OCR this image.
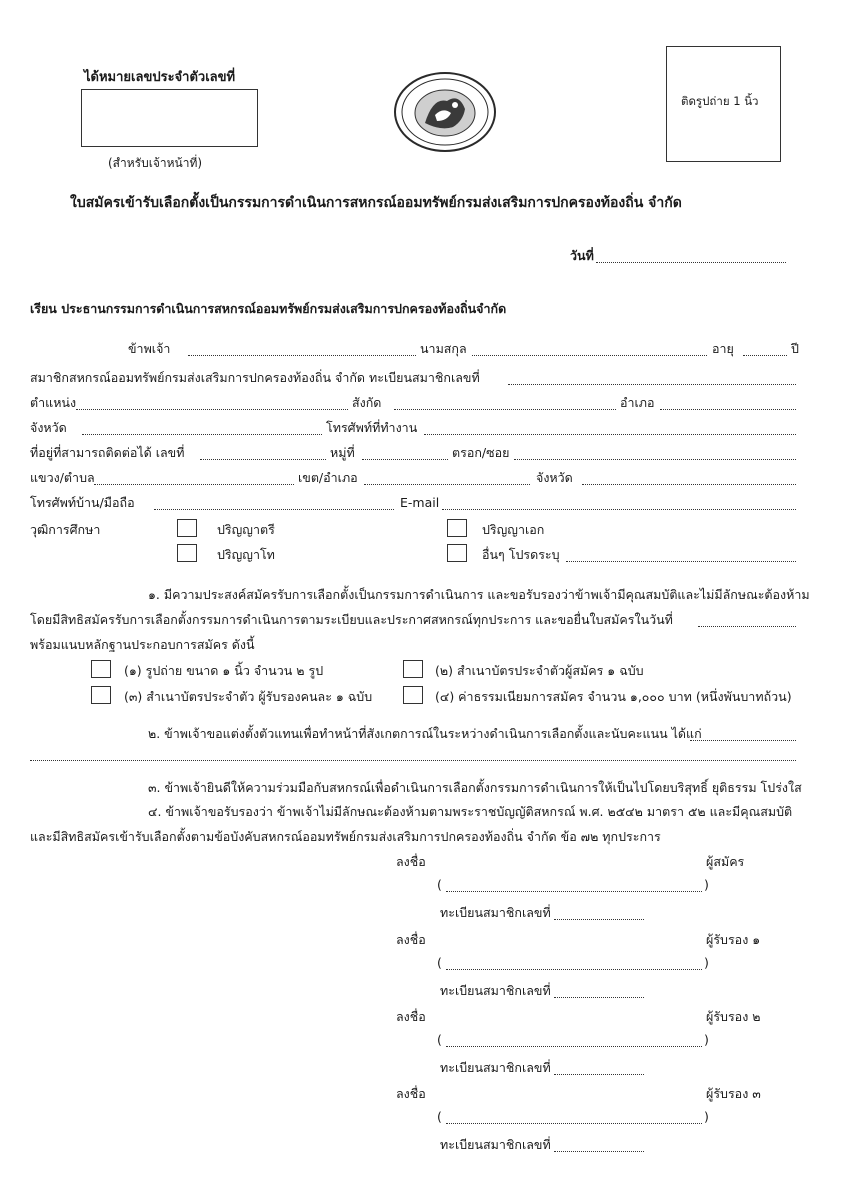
ได้หมายเลขประจำตัวเลขที่
(สำหรับเจ้าหน้าที่)
ติดรูปถ่าย 1 นิ้ว
ใบสมัครเข้ารับเลือกตั้งเป็นกรรมการดำเนินการสหกรณ์ออมทรัพย์กรมส่งเสริมการปกครองท้องถิ่น จำกัด
วันที่
เรียน ประธานกรรมการดำเนินการสหกรณ์ออมทรัพย์กรมส่งเสริมการปกครองท้องถิ่นจำกัด
ข้าพเจ้า	นามสกุล	อายุ	ปี
สมาชิกสหกรณ์ออมทรัพย์กรมส่งเสริมการปกครองท้องถิ่น จำกัด ทะเบียนสมาชิกเลขที่
ตำแหน่ง	สังกัด	อำเภอ
จังหวัด	โทรศัพท์ที่ทำงาน
ที่อยู่ที่สามารถติดต่อได้ เลขที่	หมู่ที่	ตรอก/ซอย
แขวง/ตำบล	เขต/อำเภอ	จังหวัด
โทรศัพท์บ้าน/มือถือ	E-mail
วุฒิการศึกษา	ปริญญาตรี	ปริญญาเอก
ปริญญาโท	อื่นๆ โปรดระบุ
๑. มีความประสงค์สมัครรับการเลือกตั้งเป็นกรรมการดำเนินการ และขอรับรองว่าข้าพเจ้ามีคุณสมบัติและไม่มีลักษณะต้องห้าม
โดยมีสิทธิสมัครรับการเลือกตั้งกรรมการดำเนินการตามระเบียบและประกาศสหกรณ์ทุกประการ และขอยื่นใบสมัครในวันที่
พร้อมแนบหลักฐานประกอบการสมัคร ดังนี้
(๑) รูปถ่าย ขนาด ๑ นิ้ว จำนวน ๒ รูป	(๒) สำเนาบัตรประจำตัวผู้สมัคร ๑ ฉบับ
(๓) สำเนาบัตรประจำตัว ผู้รับรองคนละ ๑ ฉบับ	(๔) ค่าธรรมเนียมการสมัคร จำนวน ๑,๐๐๐ บาท (หนึ่งพันบาทถ้วน)
๒. ข้าพเจ้าขอแต่งตั้งตัวแทนเพื่อทำหน้าที่สังเกตการณ์ในระหว่างดำเนินการเลือกตั้งและนับคะแนน ได้แก่
๓. ข้าพเจ้ายินดีให้ความร่วมมือกับสหกรณ์เพื่อดำเนินการเลือกตั้งกรรมการดำเนินการให้เป็นไปโดยบริสุทธิ์ ยุติธรรม โปร่งใส
๔. ข้าพเจ้าขอรับรองว่า ข้าพเจ้าไม่มีลักษณะต้องห้ามตามพระราชบัญญัติสหกรณ์ พ.ศ. ๒๕๔๒ มาตรา ๕๒ และมีคุณสมบัติ
และมีสิทธิสมัครเข้ารับเลือกตั้งตามข้อบังคับสหกรณ์ออมทรัพย์กรมส่งเสริมการปกครองท้องถิ่น จำกัด ข้อ ๗๒ ทุกประการ
ลงชื่อ	ผู้สมัคร
(	)
ทะเบียนสมาชิกเลขที่
ลงชื่อ	ผู้รับรอง ๑
(	)
ทะเบียนสมาชิกเลขที่
ลงชื่อ	ผู้รับรอง ๒
(	)
ทะเบียนสมาชิกเลขที่
ลงชื่อ	ผู้รับรอง ๓
(	)
ทะเบียนสมาชิกเลขที่
